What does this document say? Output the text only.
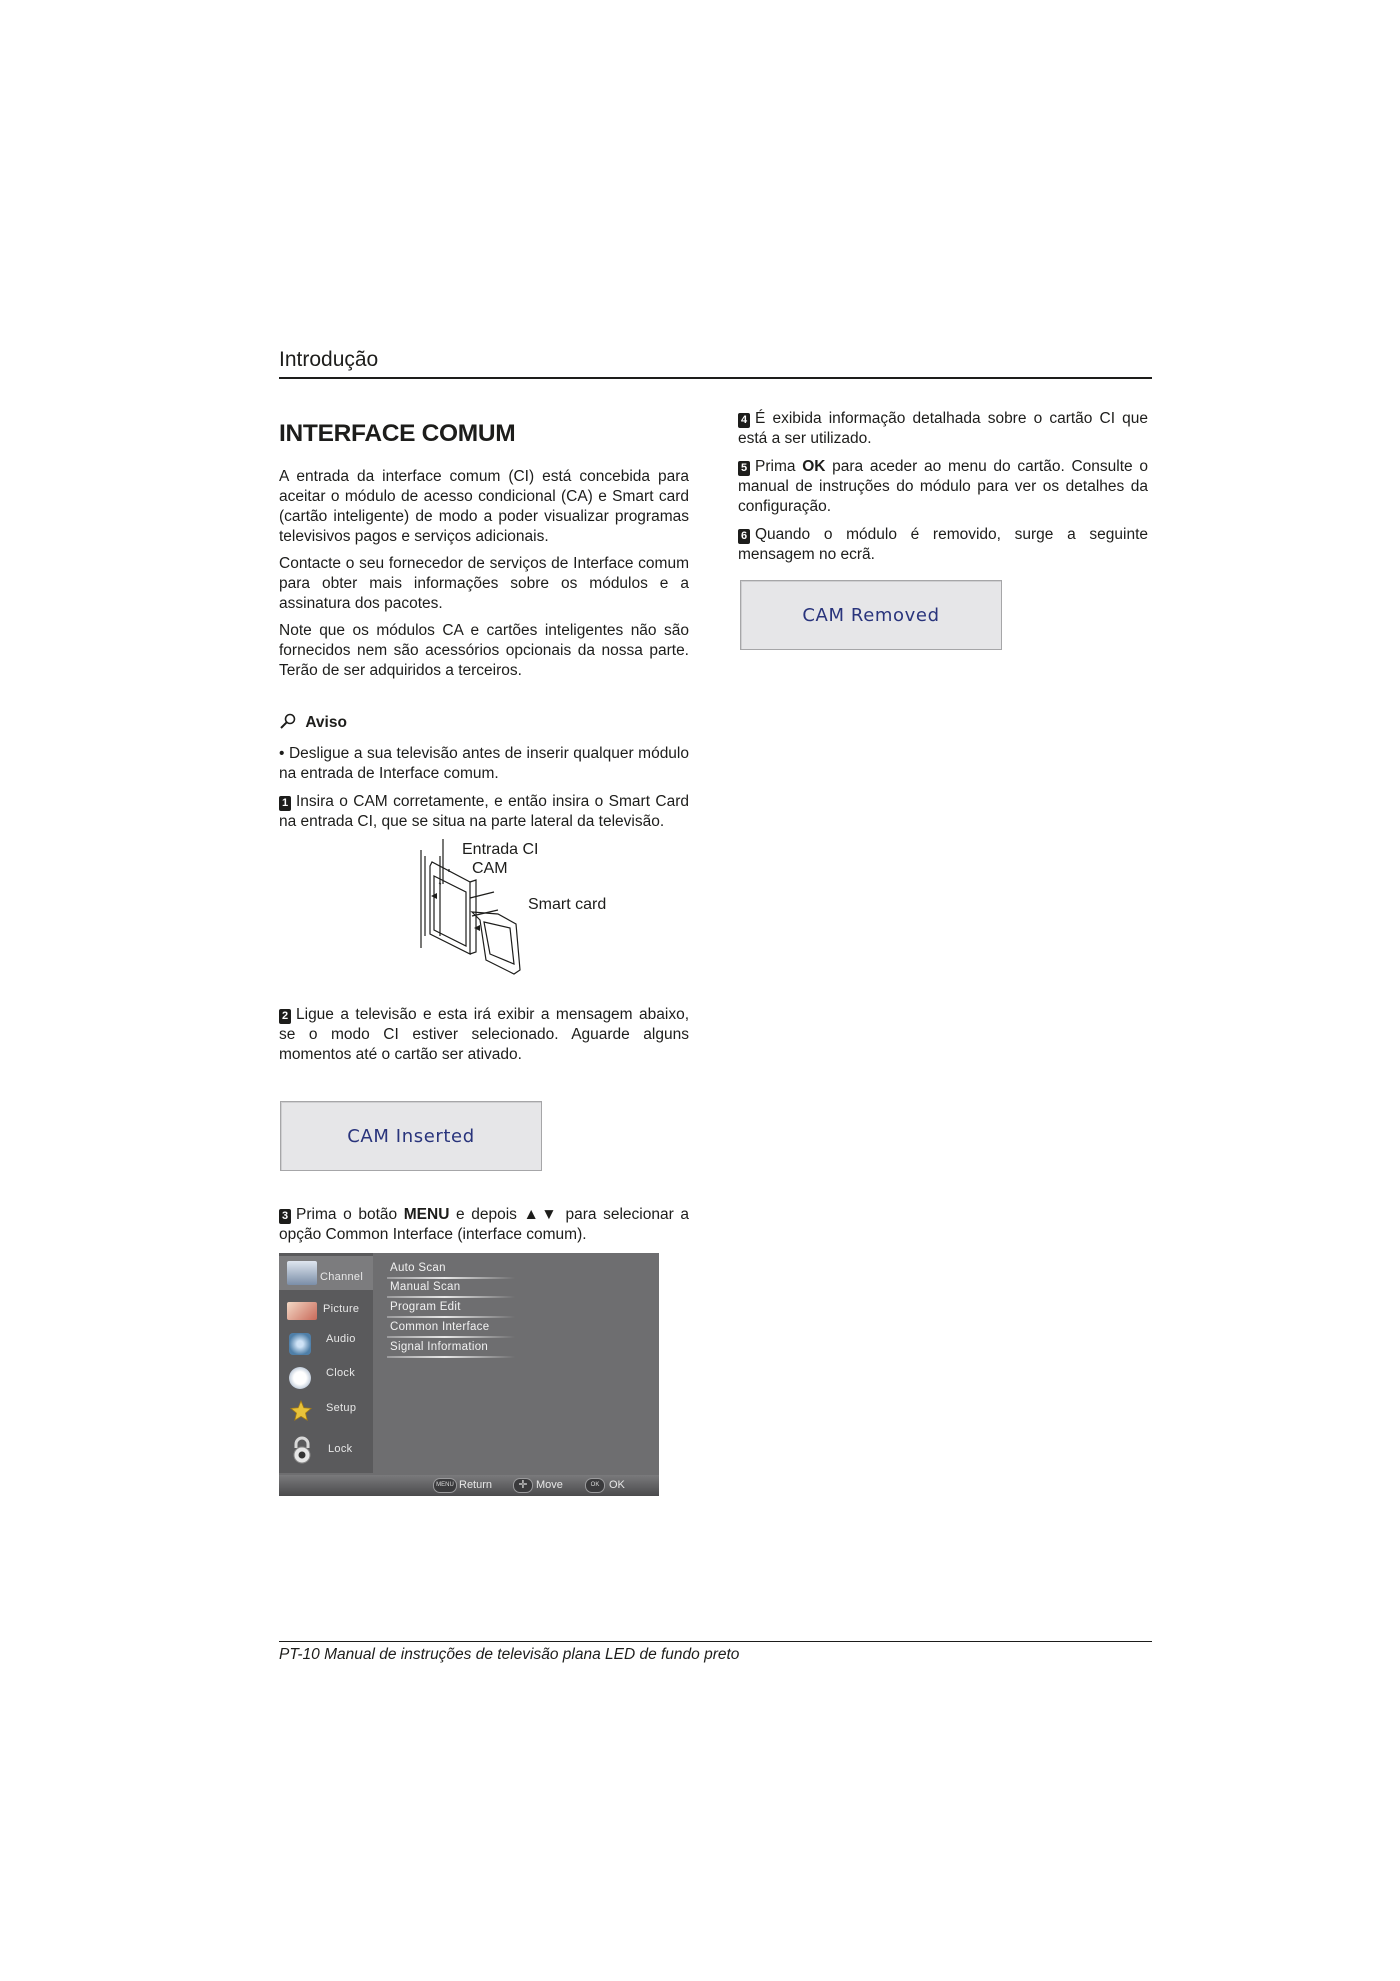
Introdução
INTERFACE COMUM

A entrada da interface comum (CI) está concebida para aceitar o módulo de acesso condicional (CA) e Smart card (cartão inteligente) de modo a poder visualizar programas televisivos pagos e serviços adicionais.

Contacte o seu fornecedor de serviços de Interface comum para obter mais informações sobre os módulos e a assinatura dos pacotes.

Note que os módulos CA e cartões inteligentes não são fornecidos nem são acessórios opcionais da nossa parte. Terão de ser adquiridos a terceiros.

Aviso

• Desligue a sua televisão antes de inserir qualquer módulo na entrada de Interface comum.

1 Insira o CAM corretamente, e então insira o Smart Card na entrada CI, que se situa na parte lateral da televisão.

Entrada CI
CAM
Smart card

2 Ligue a televisão e esta irá exibir a mensagem abaixo, se o modo CI estiver selecionado. Aguarde alguns momentos até o cartão ser ativado.

CAM Inserted

3 Prima o botão MENU e depois ▲▼ para selecionar a opção Common Interface (interface comum).

Channel
Picture
Audio
Clock
Setup
Lock
Auto Scan
Manual Scan
Program Edit
Common Interface
Signal Information
MENU Return	✛ Move	OK OK

4 É exibida informação detalhada sobre o cartão CI que está a ser utilizado.

5 Prima OK para aceder ao menu do cartão. Consulte o manual de instruções do módulo para ver os detalhes da configuração.

6 Quando o módulo é removido, surge a seguinte mensagem no ecrã.

CAM Removed
PT-10 Manual de instruções de televisão plana LED de fundo preto
